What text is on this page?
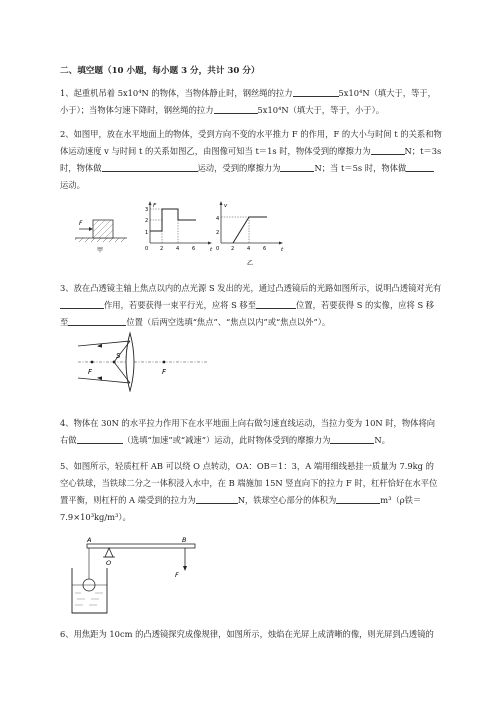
二、填空题（10 小题，每小题 3 分，共计 30 分）
1、起重机吊着 5x10⁴N 的物体，当物体静止时，钢丝绳的拉力	5x10⁴N（填大于，等于，小于）；当物体匀速下降时，钢丝绳的拉力	5x10⁴N（填大于，等于，小于）。
2、如图甲，放在水平地面上的物体，受到方向不变的水平推力 F 的作用，F 的大小与时间 t 的关系和物体运动速度 v 与时间 t 的关系如图乙，由图像可知当 t＝1s 时，物体受到的摩擦力为	N；t＝3s 时，物体做	运动，受到的摩擦力为	N；当 t＝5s 时，物体做运动。
F
甲
F
t
3
2
1
0 2	4	6
v
t
4
2
0 2	4	6
乙
3、放在凸透镜主轴上焦点以内的点光源 S 发出的光，通过凸透镜后的光路如图所示，说明凸透镜对光有作用，若要获得一束平行光，应将 S 移至	位置，若要获得 S 的实像，应将 S 移至	位置（后两空选填“焦点”、“焦点以内”或“焦点以外”）。
S
F	F
4、物体在 30N 的水平拉力作用下在水平地面上向右做匀速直线运动，当拉力变为 10N 时，物体将向右做	（选填“加速”或“减速”）运动，此时物体受到的摩擦力为	N。
5、如图所示，轻质杠杆 AB 可以绕 O 点转动，OA：OB＝1：3，A 端用细线悬挂一质量为 7.9kg 的空心铁球，当铁球二分之一体积浸入水中，在 B 端施加 15N 竖直向下的拉力 F 时，杠杆恰好在水平位置平衡，则杠杆的 A 端受到的拉力为	N，铁球空心部分的体积为	m³（ρ铁＝7.9×10³kg/m³）。
A
O
B
F
6、用焦距为 10cm 的凸透镜探究成像规律，如图所示，烛焰在光屏上成清晰的像，则光屏到凸透镜的
